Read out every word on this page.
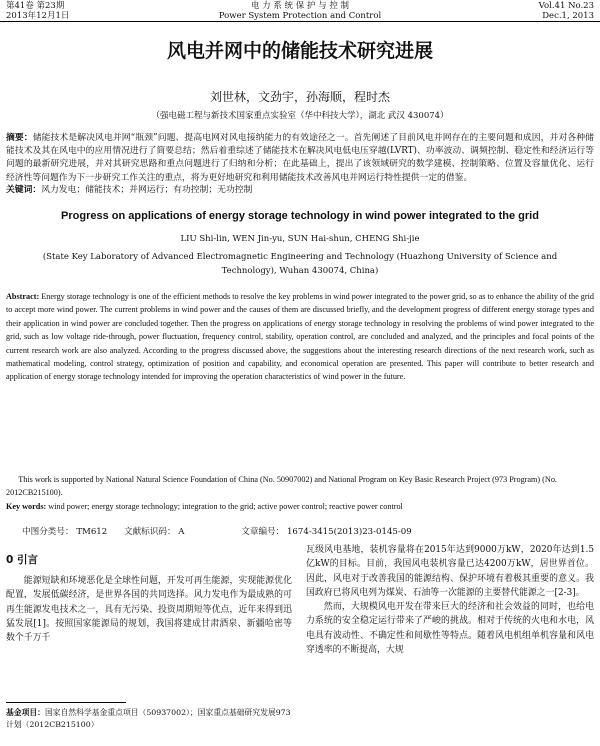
第41卷 第23期
2013年12月1日
电 力 系 统 保 护 与 控 制
Power System Protection and Control
Vol.41 No.23
Dec.1, 2013
风电并网中的储能技术研究进展
刘世林，文劲宇，孙海顺，程时杰
（强电磁工程与新技术国家重点实验室（华中科技大学），湖北 武汉 430074）
摘要：储能技术是解决风电并网“瓶颈”问题、提高电网对风电接纳能力的有效途径之一。首先阐述了目前风电并网存在的主要问题和成因，并对各种储能技术及其在风电中的应用情况进行了简要总结；然后着重综述了储能技术在解决风电低电压穿越(LVRT)、功率波动、调频控制、稳定性和经济运行等问题的最新研究进展，并对其研究思路和重点问题进行了归纳和分析；在此基础上，提出了该领域研究的数学建模、控制策略、位置及容量优化、运行经济性等问题作为下一步研究工作关注的重点，将为更好地研究和利用储能技术改善风电并网运行特性提供一定的借鉴。
关键词：风力发电；储能技术；并网运行；有功控制；无功控制
Progress on applications of energy storage technology in wind power integrated to the grid
LIU Shi-lin, WEN Jin-yu, SUN Hai-shun, CHENG Shi-jie
(State Key Laboratory of Advanced Electromagnetic Engineering and Technology (Huazhong University of Science and Technology), Wuhan 430074, China)
Abstract: Energy storage technology is one of the efficient methods to resolve the key problems in wind power integrated to the power grid, so as to enhance the ability of the grid to accept more wind power. The current problems in wind power and the causes of them are discussed briefly, and the development progress of different energy storage types and their application in wind power are concluded together. Then the progress on applications of energy storage technology in resolving the problems of wind power integrated to the grid, such as low voltage ride-through, power fluctuation, frequency control, stability, operation control, are concluded and analyzed, and the principles and focal points of the current research work are also analyzed. According to the progress discussed above, the suggestions about the interesting research directions of the next research work, such as mathematical modeling, control strategy, optimization of position and capability, and economical operation are presented. This paper will contribute to better research and application of energy storage technology intended for improving the operation characteristics of wind power in the future.
This work is supported by National Natural Science Foundation of China (No. 50907002) and National Program on Key Basic Research Project (973 Program) (No. 2012CB215100).
Key words: wind power; energy storage technology; integration to the grid; active power control; reactive power control
中图分类号： TM612 文献标识码： A	文章编号： 1674-3415(2013)23-0145-09
0 引言

能源短缺和环境恶化是全球性问题，开发可再生能源，实现能源优化配置，发展低碳经济，是世界各国的共同选择。风力发电作为最成熟的可再生能源发电技术之一，具有无污染、投资周期短等优点，近年来得到迅猛发展[1]。按照国家能源局的规划，我国将建成甘肃酒泉、新疆哈密等数个千万千

瓦级风电基地，装机容量将在2015年达到9000万kW，2020年达到1.5亿kW的目标。目前，我国风电装机容量已达4200万kW，居世界首位。因此，风电对于改善我国的能源结构、保护环境有着极其重要的意义。我国政府已将风电列为煤炭、石油等一次能源的主要替代能源之一[2-3]。

然而，大规模风电开发在带来巨大的经济和社会效益的同时，也给电力系统的安全稳定运行带来了严峻的挑战。相对于传统的火电和水电，风电具有波动性、不确定性和间歇性等特点。随着风电机组单机容量和风电穿透率的不断提高，大规

基金项目：国家自然科学基金重点项目（50937002）；国家重点基础研究发展973计划（2012CB215100）
